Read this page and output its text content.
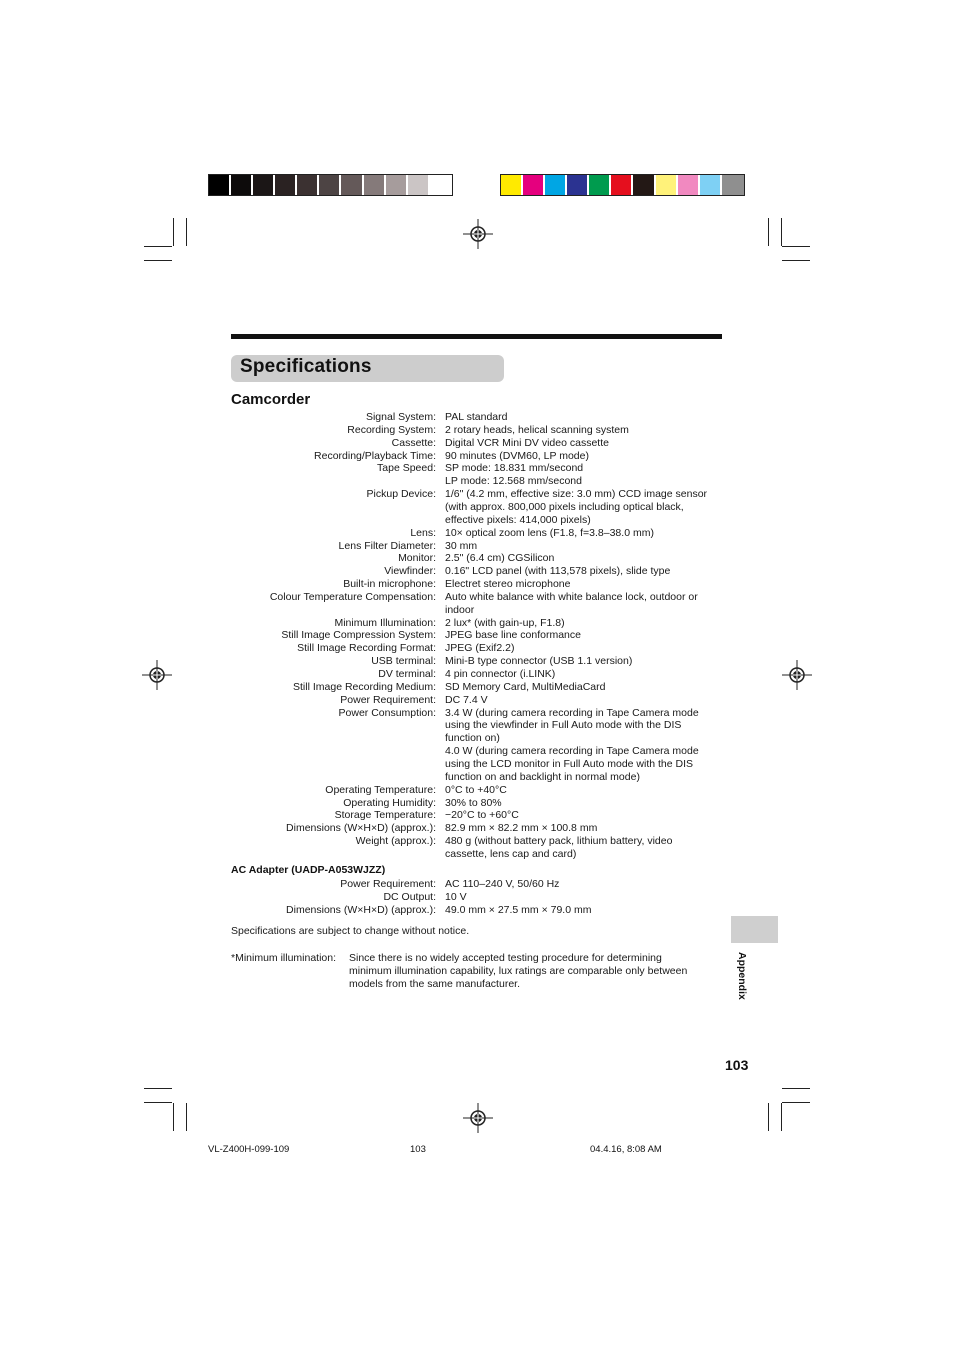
Specifications
Camcorder
Signal System: PAL standard
Recording System: 2 rotary heads, helical scanning system
Cassette: Digital VCR Mini DV video cassette
Recording/Playback Time: 90 minutes (DVM60, LP mode)
Tape Speed: SP mode: 18.831 mm/second
LP mode: 12.568 mm/second
Pickup Device: 1/6" (4.2 mm, effective size: 3.0 mm) CCD image sensor
(with approx. 800,000 pixels including optical black,
effective pixels: 414,000 pixels)
Lens: 10× optical zoom lens (F1.8, f=3.8–38.0 mm)
Lens Filter Diameter: 30 mm
Monitor: 2.5" (6.4 cm) CGSilicon
Viewfinder: 0.16" LCD panel (with 113,578 pixels), slide type
Built-in microphone: Electret stereo microphone
Colour Temperature Compensation: Auto white balance with white balance lock, outdoor or
indoor
Minimum Illumination: 2 lux* (with gain-up, F1.8)
Still Image Compression System: JPEG base line conformance
Still Image Recording Format: JPEG (Exif2.2)
USB terminal: Mini-B type connector (USB 1.1 version)
DV terminal: 4 pin connector (i.LINK)
Still Image Recording Medium: SD Memory Card, MultiMediaCard
Power Requirement: DC 7.4 V
Power Consumption: 3.4 W (during camera recording in Tape Camera mode
using the viewfinder in Full Auto mode with the DIS
function on)
4.0 W (during camera recording in Tape Camera mode
using the LCD monitor in Full Auto mode with the DIS
function on and backlight in normal mode)
Operating Temperature: 0°C to +40°C
Operating Humidity: 30% to 80%
Storage Temperature: −20°C to +60°C
Dimensions (W×H×D) (approx.): 82.9 mm × 82.2 mm × 100.8 mm
Weight (approx.): 480 g (without battery pack, lithium battery, video
cassette, lens cap and card)
AC Adapter (UADP-A053WJZZ)
Power Requirement: AC 110–240 V, 50/60 Hz
DC Output: 10 V
Dimensions (W×H×D) (approx.): 49.0 mm × 27.5 mm × 79.0 mm
Specifications are subject to change without notice.
*Minimum illumination: Since there is no widely accepted testing procedure for determining
minimum illumination capability, lux ratings are comparable only between
models from the same manufacturer.	Appendix
103
VL-Z400H-099-109	103	04.4.16, 8:08 AM
